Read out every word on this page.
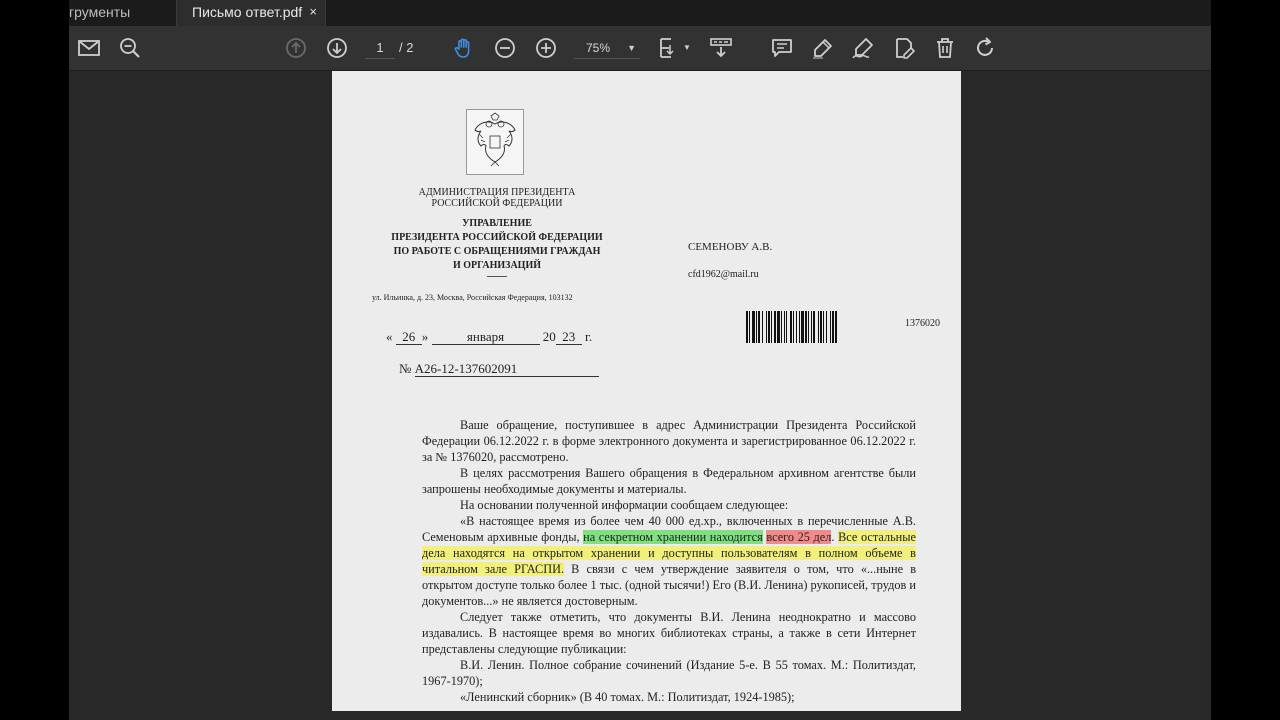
грументы	Письмо ответ.pdf ×
1	/ 2	75% ▼	▼
АДМИНИСТРАЦИЯ ПРЕЗИДЕНТА
РОССИЙСКОЙ ФЕДЕРАЦИИ
УПРАВЛЕНИЕ
ПРЕЗИДЕНТА РОССИЙСКОЙ ФЕДЕРАЦИИ
ПО РАБОТЕ С ОБРАЩЕНИЯМИ ГРАЖДАН
И ОРГАНИЗАЦИЙ
ул. Ильинка, д. 23, Москва, Российская Федерация, 103132
СЕМЕНОВУ А.В.
cfd1962@mail.ru
1376020
« 26 »	января	20 23 г.
№ А26-12-137602091

Ваше обращение, поступившее в адрес Администрации Президента Российской Федерации 06.12.2022 г. в форме электронного документа и зарегистрированное 06.12.2022 г. за № 1376020, рассмотрено.

В целях рассмотрения Вашего обращения в Федеральном архивном агентстве были запрошены необходимые документы и материалы.

На основании полученной информации сообщаем следующее:

«В настоящее время из более чем 40 000 ед.хр., включенных в перечисленные А.В. Семеновым архивные фонды, на секретном хранении находится всего 25 дел. Все остальные дела находятся на открытом хранении и доступны пользователям в полном объеме в читальном зале РГАСПИ. В связи с чем утверждение заявителя о том, что «...ныне в открытом доступе только более 1 тыс. (одной тысячи!) Его (В.И. Ленина) рукописей, трудов и документов...» не является достоверным.

Следует также отметить, что документы В.И. Ленина неоднократно и массово издавались. В настоящее время во многих библиотеках страны, а также в сети Интернет представлены следующие публикации:

В.И. Ленин. Полное собрание сочинений (Издание 5-е. В 55 томах. М.: Политиздат, 1967-1970);

«Ленинский сборник» (В 40 томах. М.: Политиздат, 1924-1985);
